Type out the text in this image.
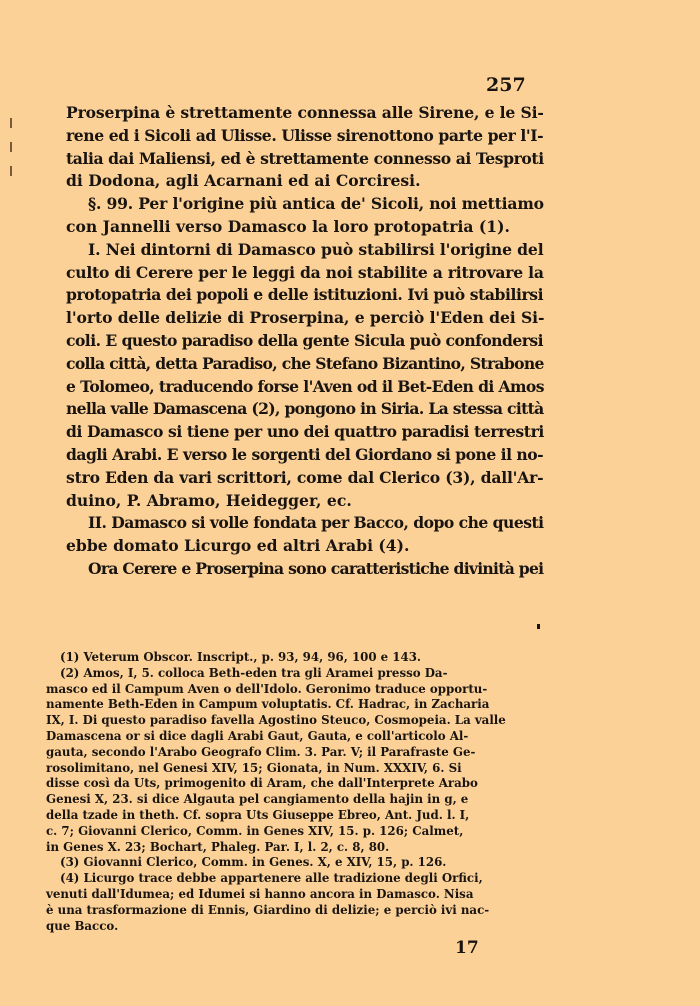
257
Proserpina è strettamente connessa alle Sirene, e le Si-
rene ed i Sicoli ad Ulisse. Ulisse sirenottono parte per l'I-
talia dai Maliensi, ed è strettamente connesso ai Tesproti
di Dodona, agli Acarnani ed ai Corciresi.
§. 99. Per l'origine più antica de' Sicoli, noi mettiamo
con Jannelli verso Damasco la loro protopatria (1).
I. Nei dintorni di Damasco può stabilirsi l'origine del
culto di Cerere per le leggi da noi stabilite a ritrovare la
protopatria dei popoli e delle istituzioni. Ivi può stabilirsi
l'orto delle delizie di Proserpina, e perciò l'Eden dei Si-
coli. E questo paradiso della gente Sicula può confondersi
colla città, detta Paradiso, che Stefano Bizantino, Strabone
e Tolomeo, traducendo forse l'Aven od il Bet-Eden di Amos
nella valle Damascena (2), pongono in Siria. La stessa città
di Damasco si tiene per uno dei quattro paradisi terrestri
dagli Arabi. E verso le sorgenti del Giordano si pone il no-
stro Eden da vari scrittori, come dal Clerico (3), dall'Ar-
duino, P. Abramo, Heidegger, ec.
II. Damasco si volle fondata per Bacco, dopo che questi
ebbe domato Licurgo ed altri Arabi (4).
Ora Cerere e Proserpina sono caratteristiche divinità pei
(1) Veterum Obscor. Inscript., p. 93, 94, 96, 100 e 143.
(2) Amos, I, 5. colloca Beth-eden tra gli Aramei presso Da-
masco ed il Campum Aven o dell'Idolo. Geronimo traduce opportu-
namente Beth-Eden in Campum voluptatis. Cf. Hadrac, in Zacharia
IX, I. Di questo paradiso favella Agostino Steuco, Cosmopeia. La valle
Damascena or si dice dagli Arabi Gaut, Gauta, e coll'articolo Al-
gauta, secondo l'Arabo Geografo Clim. 3. Par. V; il Parafraste Ge-
rosolimitano, nel Genesi XIV, 15; Gionata, in Num. XXXIV, 6. Si
disse così da Uts, primogenito di Aram, che dall'Interprete Arabo
Genesi X, 23. si dice Algauta pel cangiamento della hajin in g, e
della tzade in theth. Cf. sopra Uts Giuseppe Ebreo, Ant. Jud. l. I,
c. 7; Giovanni Clerico, Comm. in Genes XIV, 15. p. 126; Calmet,
in Genes X. 23; Bochart, Phaleg. Par. I, l. 2, c. 8, 80.
(3) Giovanni Clerico, Comm. in Genes. X, e XIV, 15, p. 126.
(4) Licurgo trace debbe appartenere alle tradizione degli Orfici,
venuti dall'Idumea; ed Idumei si hanno ancora in Damasco. Nisa
è una trasformazione di Ennis, Giardino di delizie; e perciò ivi nac-
que Bacco.
17
